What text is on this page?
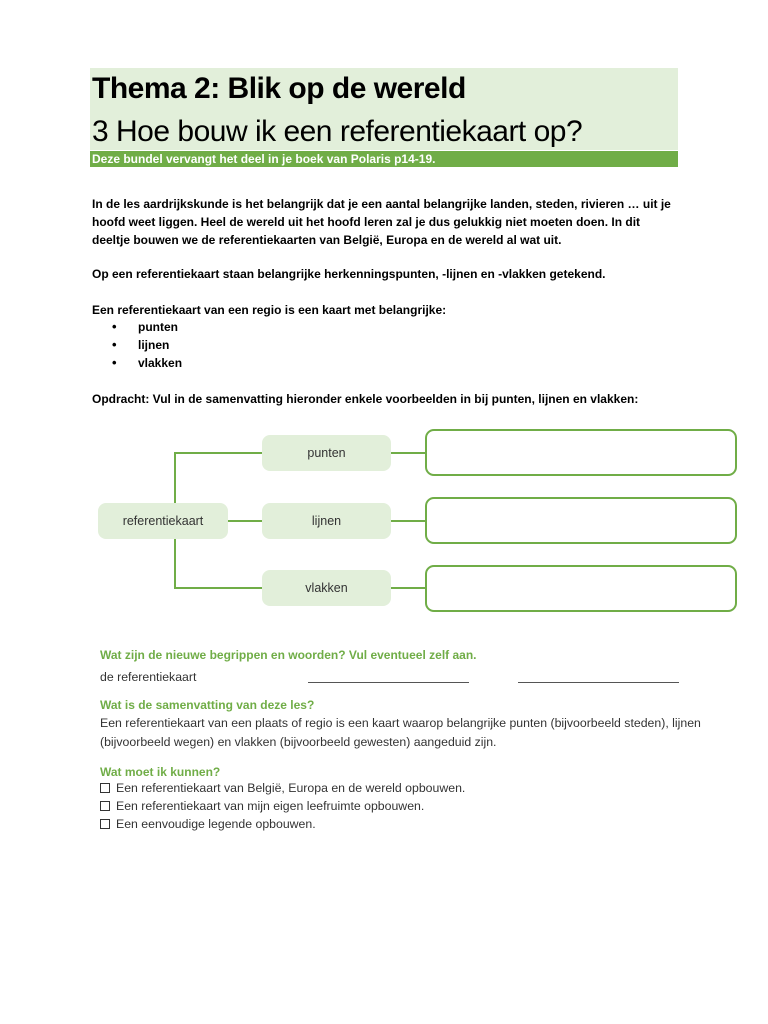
Thema 2: Blik op de wereld
3 Hoe bouw ik een referentiekaart op?
Deze bundel vervangt het deel in je boek van Polaris p14-19.
In de les aardrijkskunde is het belangrijk dat je een aantal belangrijke landen, steden, rivieren … uit je
hoofd weet liggen. Heel de wereld uit het hoofd leren zal je dus gelukkig niet moeten doen. In dit
deeltje bouwen we de referentiekaarten van België, Europa en de wereld al wat uit.
Op een referentiekaart staan belangrijke herkenningspunten, -lijnen en -vlakken getekend.
Een referentiekaart van een regio is een kaart met belangrijke:
• punten
• lijnen
• vlakken
Opdracht: Vul in de samenvatting hieronder enkele voorbeelden in bij punten, lijnen en vlakken:
referentiekaart
punten
lijnen
vlakken
Wat zijn de nieuwe begrippen en woorden? Vul eventueel zelf aan.
de referentiekaart
Wat is de samenvatting van deze les?
Een referentiekaart van een plaats of regio is een kaart waarop belangrijke punten (bijvoorbeeld steden), lijnen
(bijvoorbeeld wegen) en vlakken (bijvoorbeeld gewesten) aangeduid zijn.
Wat moet ik kunnen?
Een referentiekaart van België, Europa en de wereld opbouwen.
Een referentiekaart van mijn eigen leefruimte opbouwen.
Een eenvoudige legende opbouwen.
